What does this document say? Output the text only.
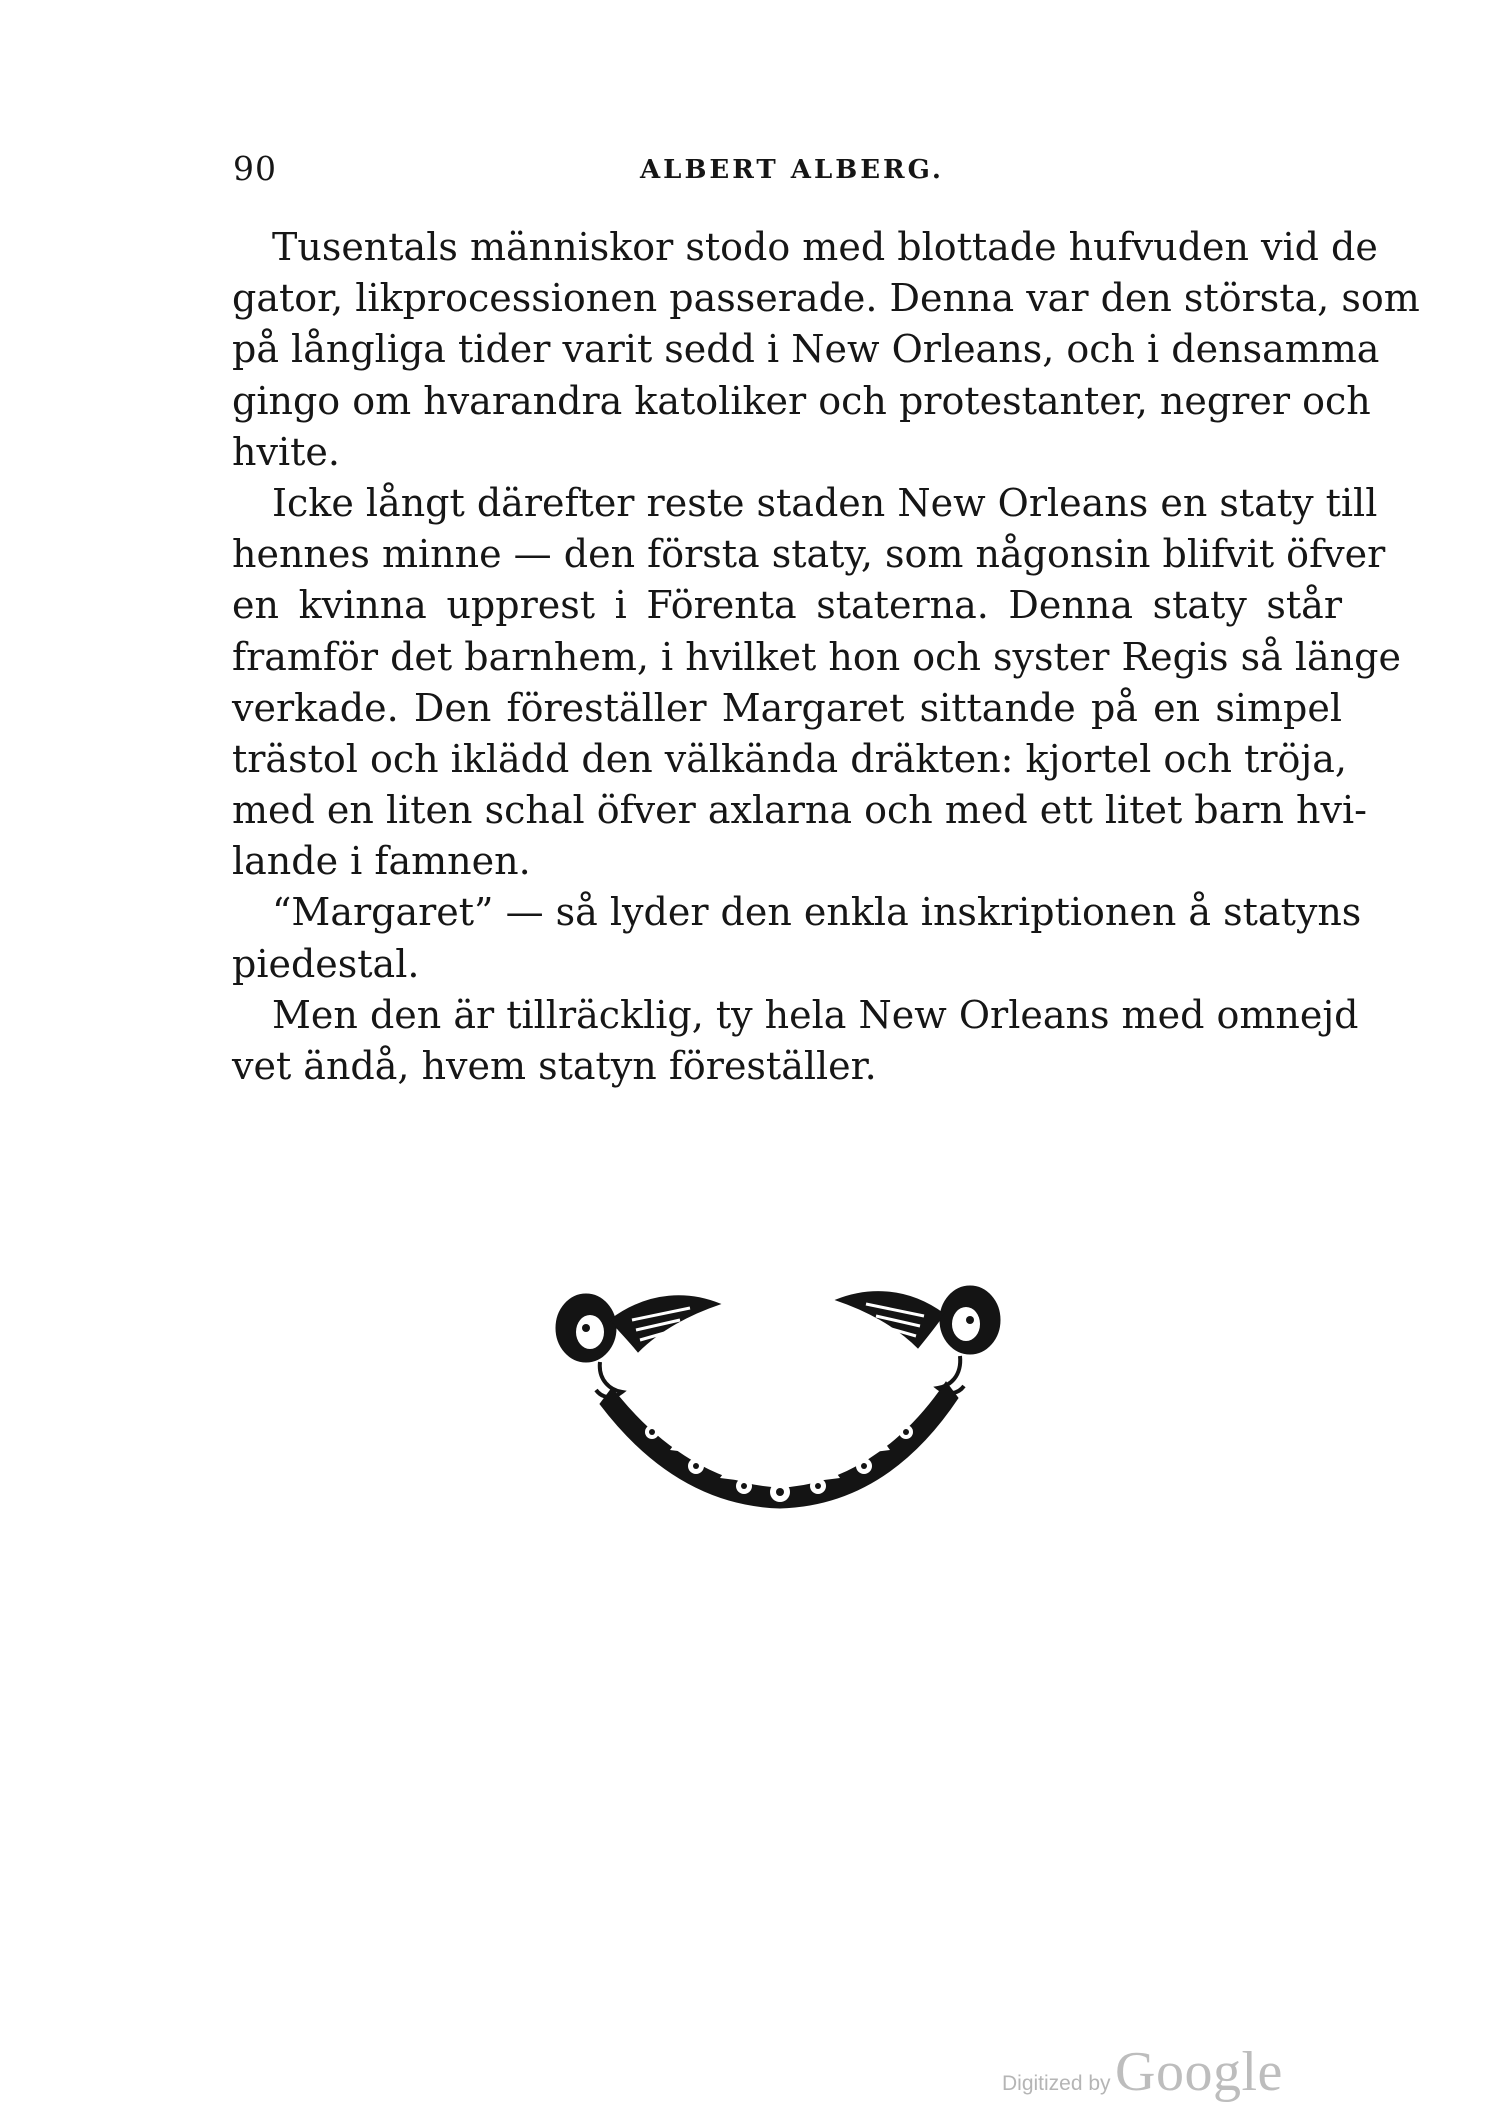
90	ALBERT ALBERG.
Tusentals människor stodo med blottade hufvuden vid de
gator, likprocessionen passerade. Denna var den största, som
på långliga tider varit sedd i New Orleans, och i densamma
gingo om hvarandra katoliker och protestanter, negrer och
hvite.
Icke långt därefter reste staden New Orleans en staty till
hennes minne — den första staty, som någonsin blifvit öfver
en kvinna upprest i Förenta staterna. Denna staty står
framför det barnhem, i hvilket hon och syster Regis så länge
verkade. Den föreställer Margaret sittande på en simpel
trästol och iklädd den välkända dräkten: kjortel och tröja,
med en liten schal öfver axlarna och med ett litet barn hvi-
lande i famnen.
“Margaret” — så lyder den enkla inskriptionen å statyns
piedestal.
Men den är tillräcklig, ty hela New Orleans med omnejd
vet ändå, hvem statyn föreställer.
Digitized by Google
